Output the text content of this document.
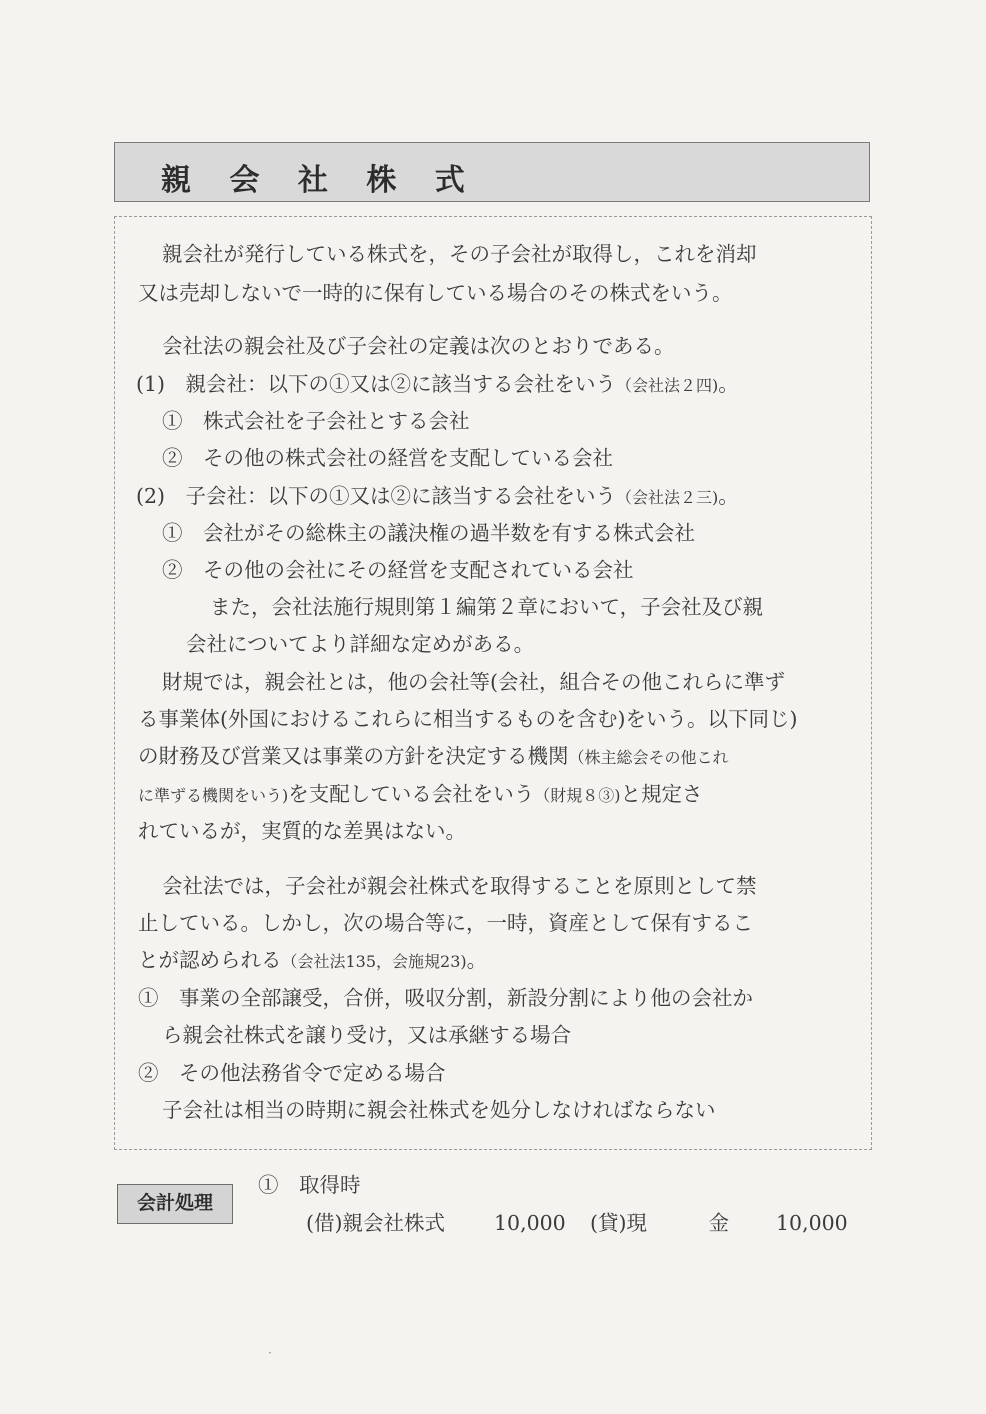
親 会 社 株 式
親会社が発行している株式を，その子会社が取得し，これを消却
又は売却しないで一時的に保有している場合のその株式をいう。
会社法の親会社及び子会社の定義は次のとおりである。
(1)　親会社：以下の①又は②に該当する会社をいう（会社法２四)。
①　株式会社を子会社とする会社
②　その他の株式会社の経営を支配している会社
(2)　子会社：以下の①又は②に該当する会社をいう（会社法２三)。
①　会社がその総株主の議決権の過半数を有する株式会社
②　その他の会社にその経営を支配されている会社
また，会社法施行規則第１編第２章において，子会社及び親
会社についてより詳細な定めがある。
財規では，親会社とは，他の会社等(会社，組合その他これらに準ず
る事業体(外国におけるこれらに相当するものを含む)をいう。以下同じ)
の財務及び営業又は事業の方針を決定する機関（株主総会その他これ
に準ずる機関をいう)を支配している会社をいう（財規８③)と規定さ
れているが，実質的な差異はない。
会社法では，子会社が親会社株式を取得することを原則として禁
止している。しかし，次の場合等に，一時，資産として保有するこ
とが認められる（会社法135，会施規23)。
①　事業の全部譲受，合併，吸収分割，新設分割により他の会社か
ら親会社株式を譲り受け，又は承継する場合
②　その他法務省令で定める場合
子会社は相当の時期に親会社株式を処分しなければならない
会計処理
①　取得時
(借)親会社株式 10,000 (貸)現　　　金 10,000
·
